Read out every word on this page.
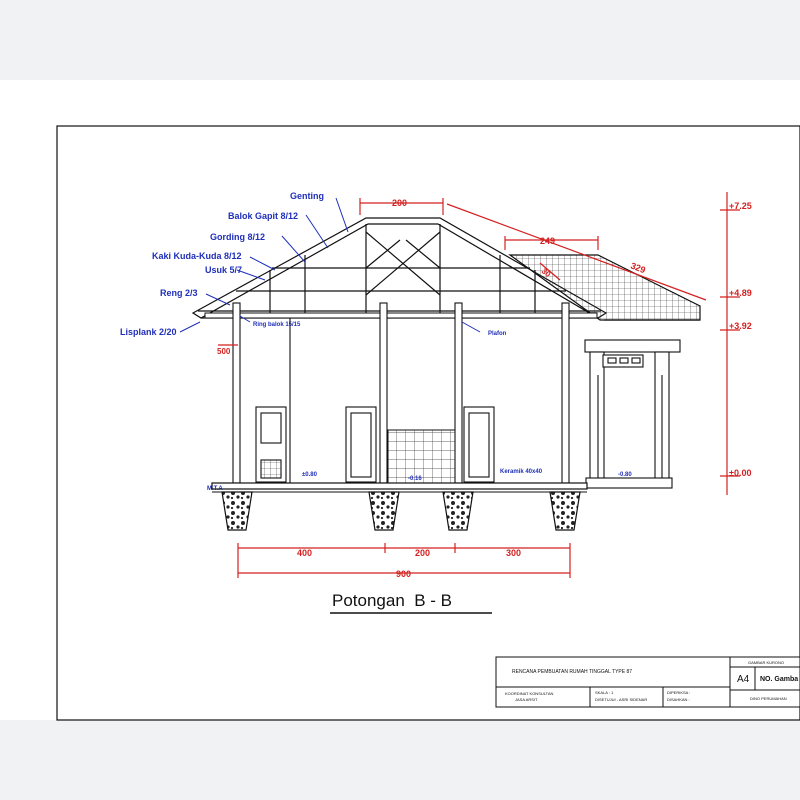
Genting
Balok Gapit 8/12
Gording 8/12
Kaki Kuda-Kuda 8/12
Usuk 5/7
Reng 2/3
Lisplank 2/20
Ring balok 15/15
Plafon
Keramik 40x40
M.T.A
±0.80
-0.16
-0.80
200
249
329
30
500
400	200	300
900
+7.25
+4.89
+3.92
±0.00
Potongan  B - B
RENCANA PEMBUATAN RUMAH TINGGAL TYPE 87
GAMBAR KURONO
A4 NO. Gamba
KOORDINAT KONSULTAN
JASA ARSIT
SKALA : 1
DISETUJUI - ASRI SIDENAR
DIPERIKSA :
DISAHKAN :	DINO PERUMAHAN
